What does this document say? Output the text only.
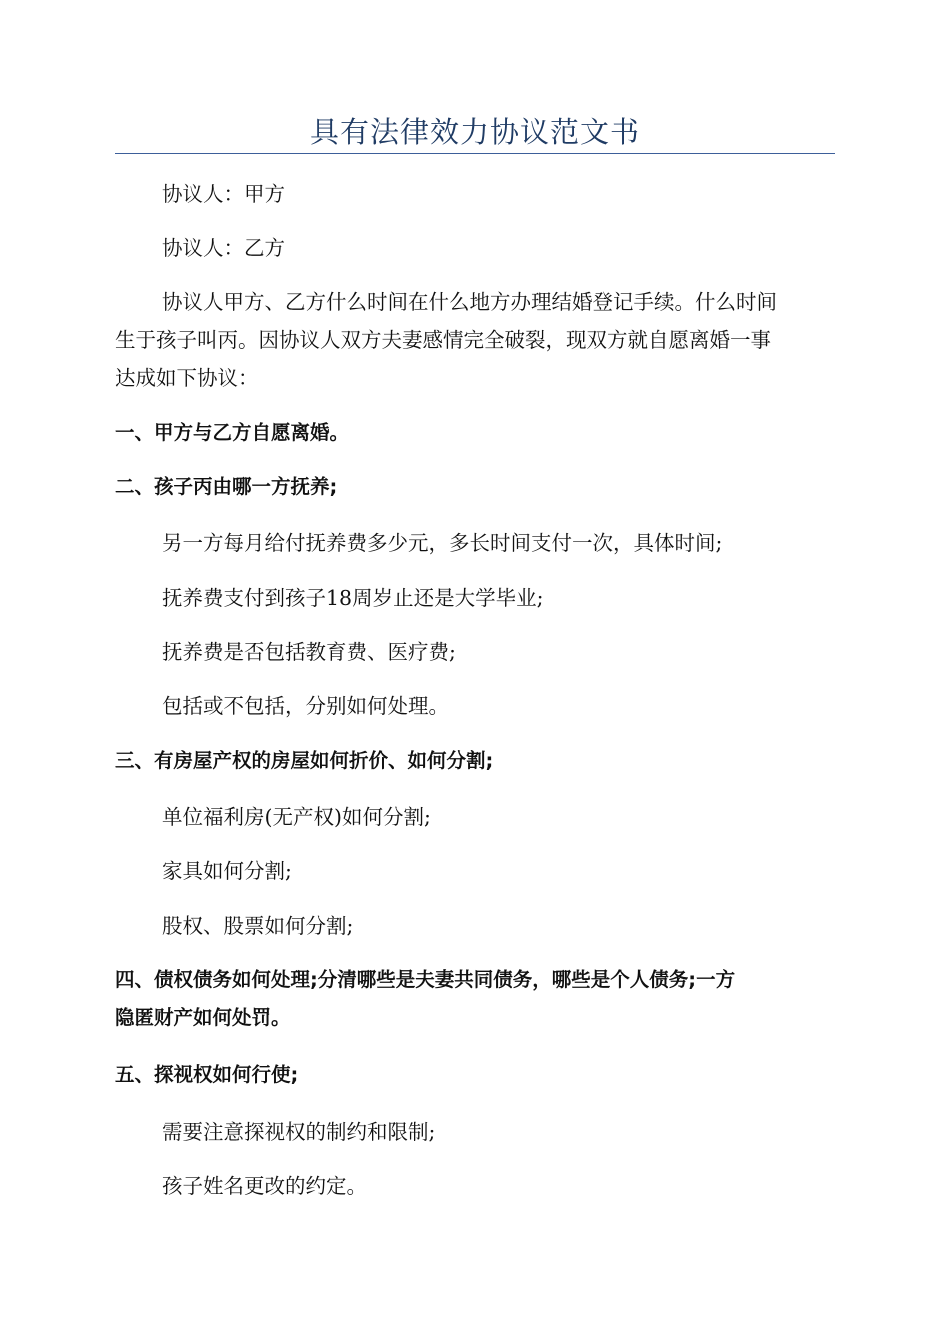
具有法律效力协议范文书
协议人：甲方
协议人：乙方
协议人甲方、乙方什么时间在什么地方办理结婚登记手续。什么时间
生于孩子叫丙。因协议人双方夫妻感情完全破裂，现双方就自愿离婚一事
达成如下协议：
一、甲方与乙方自愿离婚。
二、孩子丙由哪一方抚养;
另一方每月给付抚养费多少元，多长时间支付一次，具体时间;
抚养费支付到孩子18周岁止还是大学毕业;
抚养费是否包括教育费、医疗费;
包括或不包括，分别如何处理。
三、有房屋产权的房屋如何折价、如何分割;
单位福利房(无产权)如何分割;
家具如何分割;
股权、股票如何分割;
四、债权债务如何处理;分清哪些是夫妻共同债务，哪些是个人债务;一方
隐匿财产如何处罚。
五、探视权如何行使;
需要注意探视权的制约和限制;
孩子姓名更改的约定。
